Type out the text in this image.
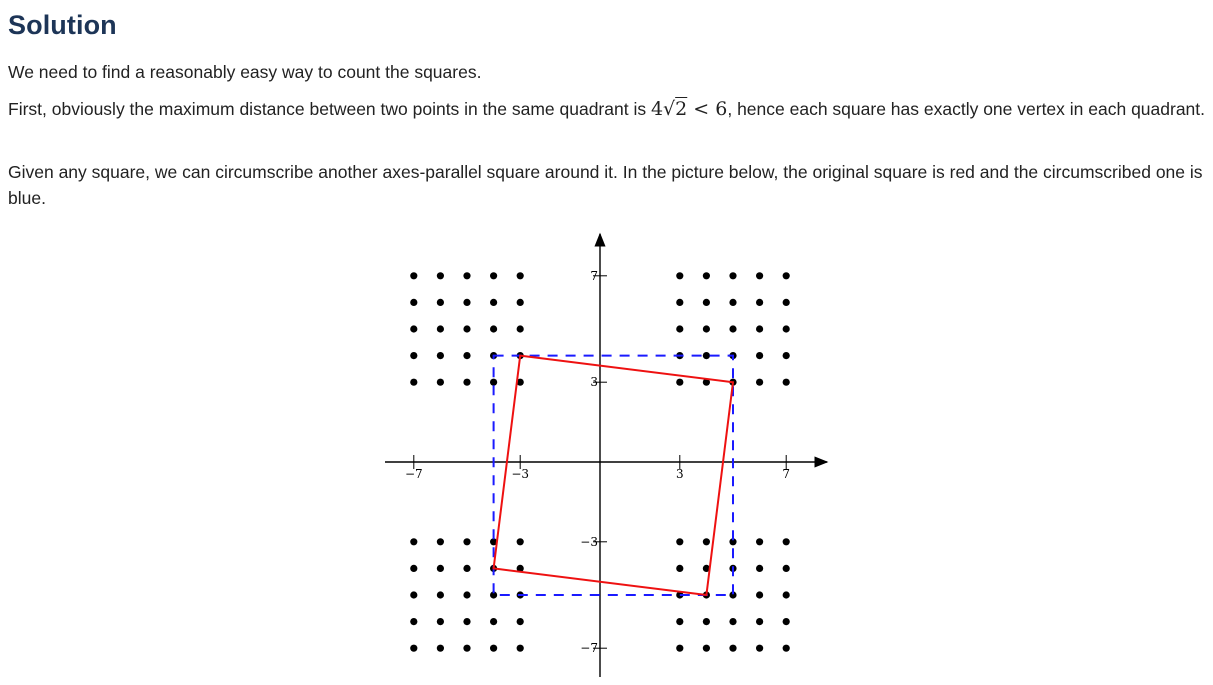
Solution
We need to find a reasonably easy way to count the squares.
First, obviously the maximum distance between two points in the same quadrant is 4√2 < 6, hence each square has exactly one vertex in each quadrant.
Given any square, we can circumscribe another axes-parallel square around it. In the picture below, the original square is red and the circumscribed one is blue.
−7	−3	3	7
7
3
−3
−7
